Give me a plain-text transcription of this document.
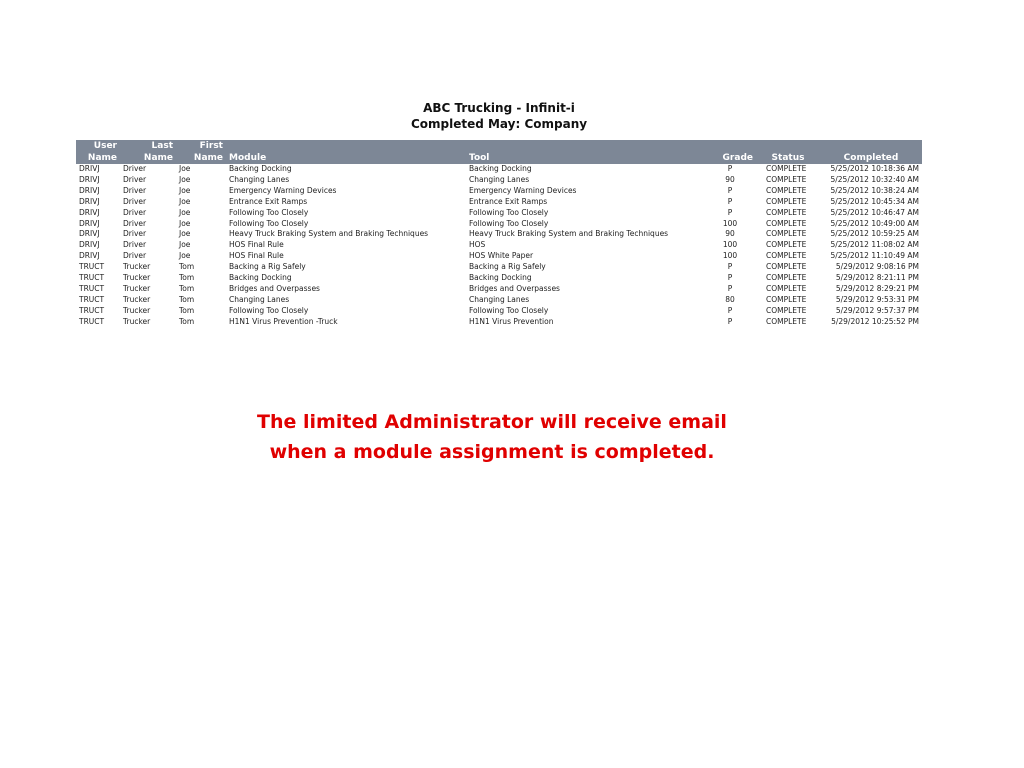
ABC Trucking - Infinit-i
Completed May: Company
User	Last	First					
Name	Name	Name	Module	Tool	Grade	Status	Completed
DRIVJ	Driver	Joe	Backing Docking	Backing Docking	P	COMPLETE	5/25/2012 10:18:36 AM
DRIVJ	Driver	Joe	Changing Lanes	Changing Lanes	90	COMPLETE	5/25/2012 10:32:40 AM
DRIVJ	Driver	Joe	Emergency Warning Devices	Emergency Warning Devices	P	COMPLETE	5/25/2012 10:38:24 AM
DRIVJ	Driver	Joe	Entrance Exit Ramps	Entrance Exit Ramps	P	COMPLETE	5/25/2012 10:45:34 AM
DRIVJ	Driver	Joe	Following Too Closely	Following Too Closely	P	COMPLETE	5/25/2012 10:46:47 AM
DRIVJ	Driver	Joe	Following Too Closely	Following Too Closely	100	COMPLETE	5/25/2012 10:49:00 AM
DRIVJ	Driver	Joe	Heavy Truck Braking System and Braking Techniques	Heavy Truck Braking System and Braking Techniques	90	COMPLETE	5/25/2012 10:59:25 AM
DRIVJ	Driver	Joe	HOS Final Rule	HOS	100	COMPLETE	5/25/2012 11:08:02 AM
DRIVJ	Driver	Joe	HOS Final Rule	HOS White Paper	100	COMPLETE	5/25/2012 11:10:49 AM
TRUCT	Trucker	Tom	Backing a Rig Safely	Backing a Rig Safely	P	COMPLETE	5/29/2012 9:08:16 PM
TRUCT	Trucker	Tom	Backing Docking	Backing Docking	P	COMPLETE	5/29/2012 8:21:11 PM
TRUCT	Trucker	Tom	Bridges and Overpasses	Bridges and Overpasses	P	COMPLETE	5/29/2012 8:29:21 PM
TRUCT	Trucker	Tom	Changing Lanes	Changing Lanes	80	COMPLETE	5/29/2012 9:53:31 PM
TRUCT	Trucker	Tom	Following Too Closely	Following Too Closely	P	COMPLETE	5/29/2012 9:57:37 PM
TRUCT	Trucker	Tom	H1N1 Virus Prevention -Truck	H1N1 Virus Prevention	P	COMPLETE	5/29/2012 10:25:52 PM
The limited Administrator will receive email
when a module assignment is completed.
